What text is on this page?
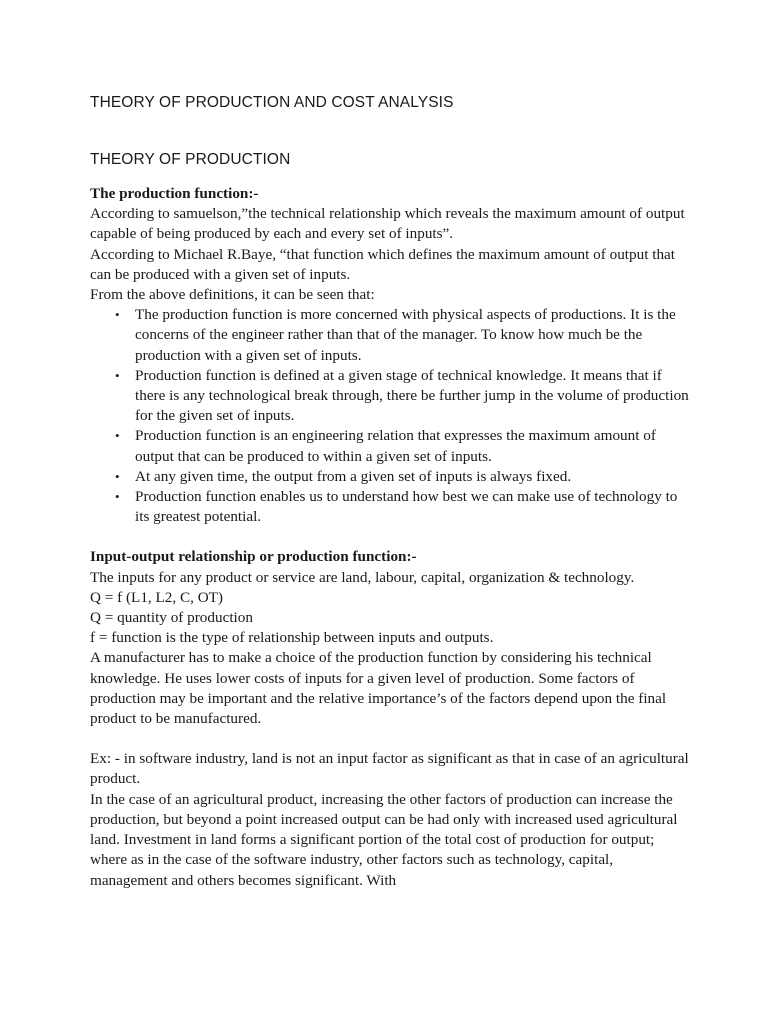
THEORY OF PRODUCTION AND COST ANALYSIS

THEORY OF PRODUCTION

The production function:-

According to samuelson,”the technical relationship which reveals the maximum amount of output capable of being produced by each and every set of inputs”.

According to Michael R.Baye, “that function which defines the maximum amount of output that can be produced with a given set of inputs.

From the above definitions, it can be seen that:

• The production function is more concerned with physical aspects of productions. It is the concerns of the engineer rather than that of the manager. To know how much be the production with a given set of inputs.
• Production function is defined at a given stage of technical knowledge. It means that if there is any technological break through, there be further jump in the volume of production for the given set of inputs.
• Production function is an engineering relation that expresses the maximum amount of output that can be produced to within a given set of inputs.
• At any given time, the output from a given set of inputs is always fixed.
• Production function enables us to understand how best we can make use of technology to its greatest potential.

Input-output relationship or production function:-

The inputs for any product or service are land, labour, capital, organization & technology.

Q = f (L1, L2, C, OT)

Q = quantity of production

f = function is the type of relationship between inputs and outputs.

A manufacturer has to make a choice of the production function by considering his technical knowledge. He uses lower costs of inputs for a given level of production. Some factors of production may be important and the relative importance’s of the factors depend upon the final product to be manufactured.

Ex: - in software industry, land is not an input factor as significant as that in case of an agricultural product.

In the case of an agricultural product, increasing the other factors of production can increase the production, but beyond a point increased output can be had only with increased used agricultural land. Investment in land forms a significant portion of the total cost of production for output; where as in the case of the software industry, other factors such as technology, capital, management and others becomes significant. With
